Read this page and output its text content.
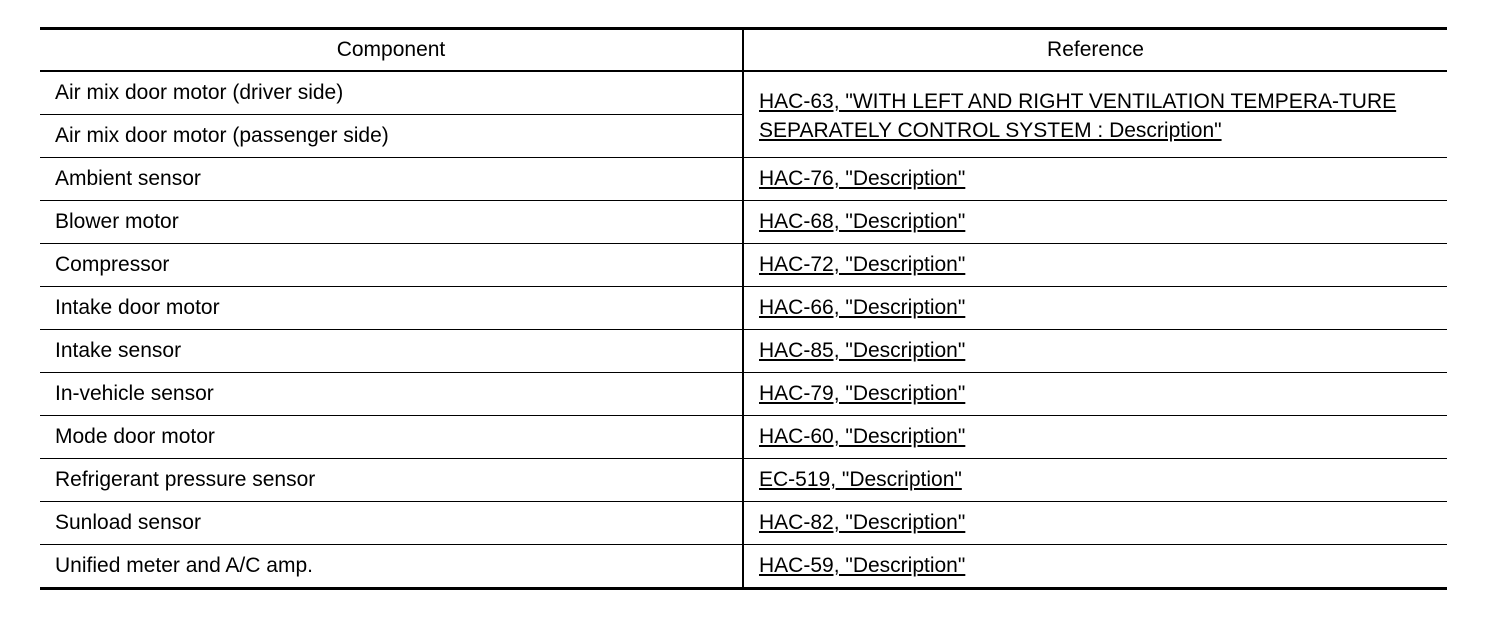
Component	Reference
Air mix door motor (driver side)	HAC-63, "WITH LEFT AND RIGHT VENTILATION TEMPERA-TURE SEPARATELY CONTROL SYSTEM : Description"
Air mix door motor (passenger side)	
Ambient sensor	HAC-76, "Description"
Blower motor	HAC-68, "Description"
Compressor	HAC-72, "Description"
Intake door motor	HAC-66, "Description"
Intake sensor	HAC-85, "Description"
In-vehicle sensor	HAC-79, "Description"
Mode door motor	HAC-60, "Description"
Refrigerant pressure sensor	EC-519, "Description"
Sunload sensor	HAC-82, "Description"
Unified meter and A/C amp.	HAC-59, "Description"
